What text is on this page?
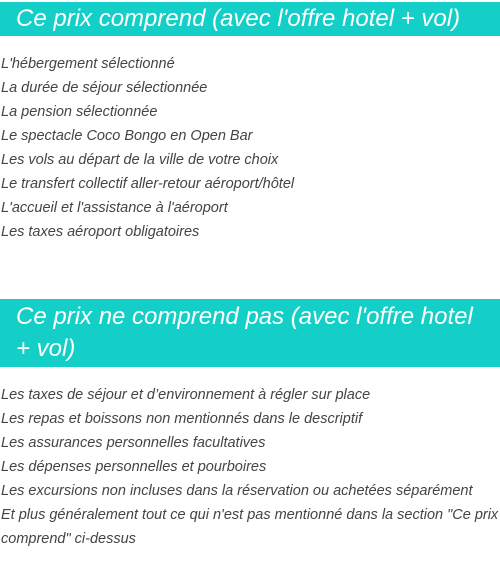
Ce prix comprend (avec l'offre hotel + vol)
L'hébergement sélectionné
La durée de séjour sélectionnée
La pension sélectionnée
Le spectacle Coco Bongo en Open Bar
Les vols au départ de la ville de votre choix
Le transfert collectif aller-retour aéroport/hôtel
L'accueil et l'assistance à l'aéroport
Les taxes aéroport obligatoires
Ce prix ne comprend pas (avec l'offre hotel + vol)
Les taxes de séjour et d’environnement à régler sur place
Les repas et boissons non mentionnés dans le descriptif
Les assurances personnelles facultatives
Les dépenses personnelles et pourboires
Les excursions non incluses dans la réservation ou achetées séparément
Et plus généralement tout ce qui n'est pas mentionné dans la section "Ce prix comprend" ci-dessus
